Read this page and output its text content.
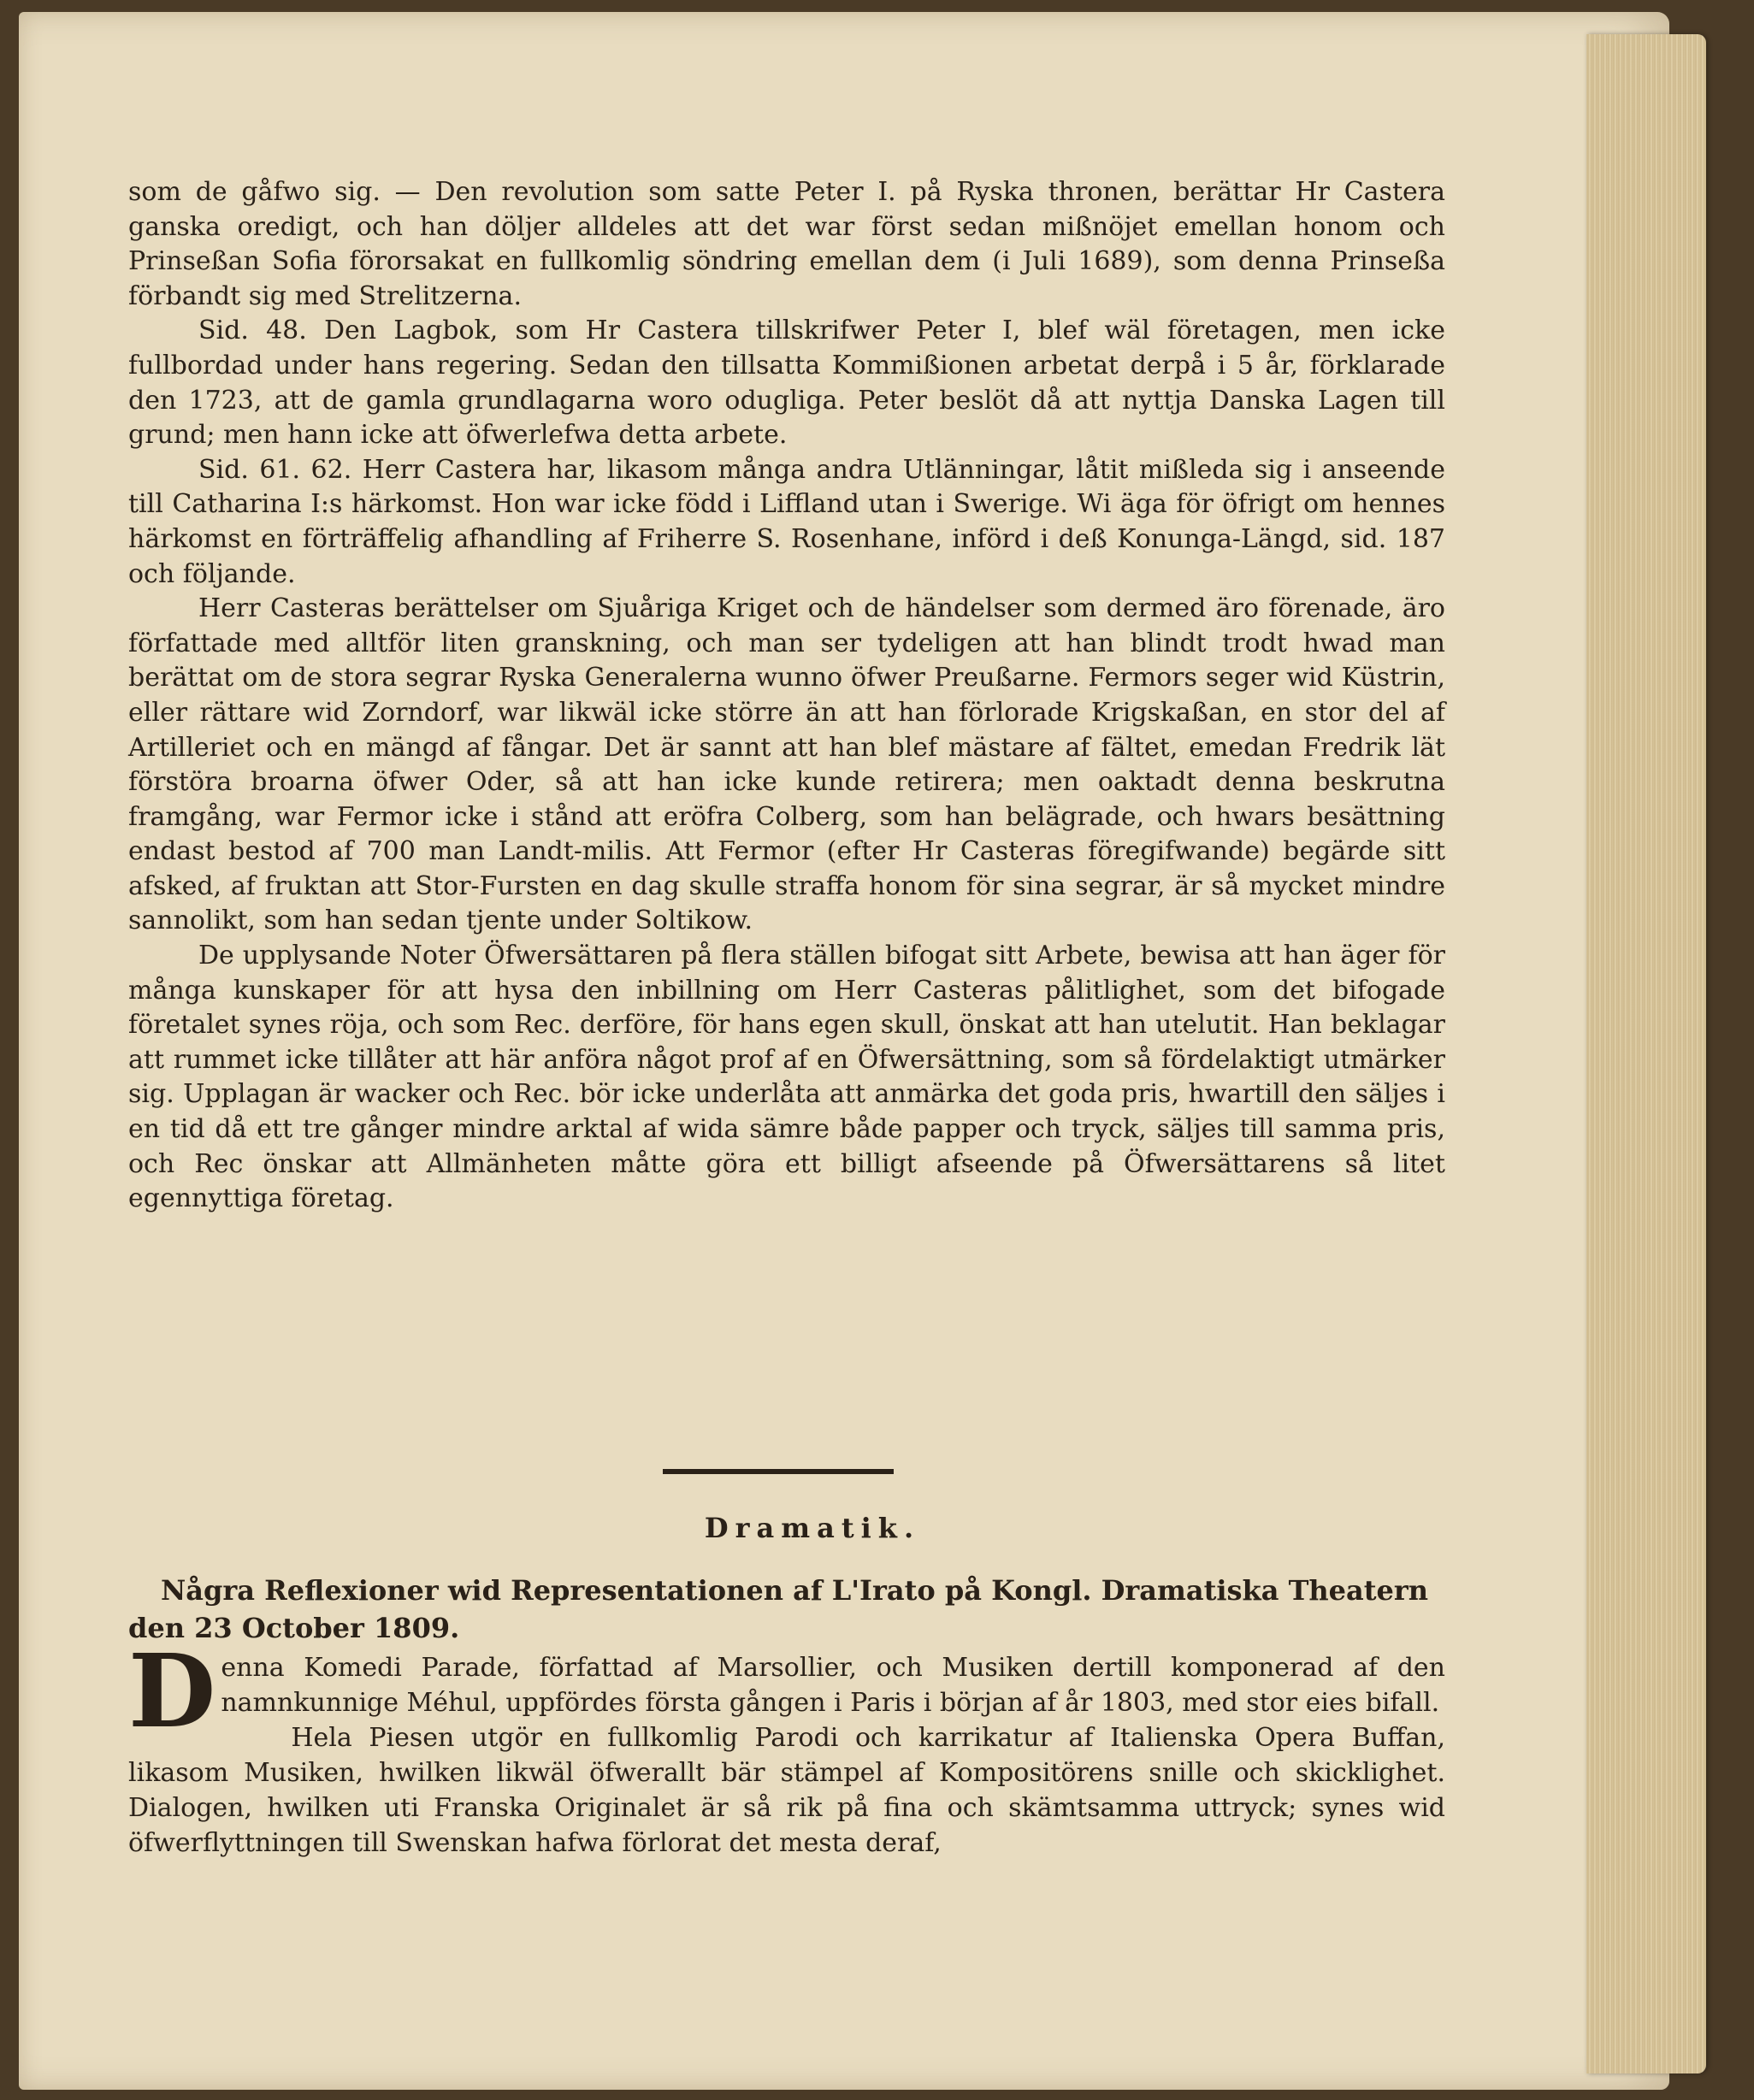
som de gåfwo sig. — Den revolution som satte Peter I. på Ryska thronen, berättar Hr Castera ganska oredigt, och han döljer alldeles att det war först sedan mißnöjet emellan honom och Prinseßan Sofia förorsakat en fullkomlig söndring emellan dem (i Juli 1689), som denna Prinseßa förbandt sig med Strelitzerna.

Sid. 48. Den Lagbok, som Hr Castera tillskrifwer Peter I, blef wäl företagen, men icke fullbordad under hans regering. Sedan den tillsatta Kommißionen arbetat derpå i 5 år, förklarade den 1723, att de gamla grundlagarna woro odugliga. Peter beslöt då att nyttja Danska Lagen till grund; men hann icke att öfwerlefwa detta arbete.

Sid. 61. 62. Herr Castera har, likasom många andra Utlänningar, låtit mißleda sig i anseende till Catharina I:s härkomst. Hon war icke född i Liffland utan i Swerige. Wi äga för öfrigt om hennes härkomst en förträffelig afhandling af Friherre S. Rosenhane, införd i deß Konunga-Längd, sid. 187 och följande.

Herr Casteras berättelser om Sjuåriga Kriget och de händelser som dermed äro förenade, äro författade med alltför liten granskning, och man ser tydeligen att han blindt trodt hwad man berättat om de stora segrar Ryska Generalerna wunno öfwer Preußarne. Fermors seger wid Küstrin, eller rättare wid Zorndorf, war likwäl icke större än att han förlorade Krigskaßan, en stor del af Artilleriet och en mängd af fångar. Det är sannt att han blef mästare af fältet, emedan Fredrik lät förstöra broarna öfwer Oder, så att han icke kunde retirera; men oaktadt denna beskrutna framgång, war Fermor icke i stånd att eröfra Colberg, som han belägrade, och hwars besättning endast bestod af 700 man Landt-milis. Att Fermor (efter Hr Casteras föregifwande) begärde sitt afsked, af fruktan att Stor-Fursten en dag skulle straffa honom för sina segrar, är så mycket mindre sannolikt, som han sedan tjente under Soltikow.

De upplysande Noter Öfwersättaren på flera ställen bifogat sitt Arbete, bewisa att han äger för många kunskaper för att hysa den inbillning om Herr Casteras pålitlighet, som det bifogade företalet synes röja, och som Rec. derföre, för hans egen skull, önskat att han utelutit. Han beklagar att rummet icke tillåter att här anföra något prof af en Öfwersättning, som så fördelaktigt utmärker sig. Upplagan är wacker och Rec. bör icke underlåta att anmärka det goda pris, hwartill den säljes i en tid då ett tre gånger mindre arktal af wida sämre både papper och tryck, säljes till samma pris, och Rec önskar att Allmänheten måtte göra ett billigt afseende på Öfwersättarens så litet egennyttiga företag.

Dramatik.
Några Reflexioner wid Representationen af L'Irato på Kongl. Dramatiska Theatern den 23 October 1809.

Denna Komedi Parade, författad af Marsollier, och Musiken dertill komponerad af den namnkunnige Méhul, uppfördes första gången i Paris i början af år 1803, med stor eies bifall.

Hela Piesen utgör en fullkomlig Parodi och karrikatur af Italienska Opera Buffan, likasom Musiken, hwilken likwäl öfwerallt bär stämpel af Kompositörens snille och skicklighet. Dialogen, hwilken uti Franska Originalet är så rik på fina och skämtsamma uttryck; synes wid öfwerflyttningen till Swenskan hafwa förlorat det mesta deraf,
